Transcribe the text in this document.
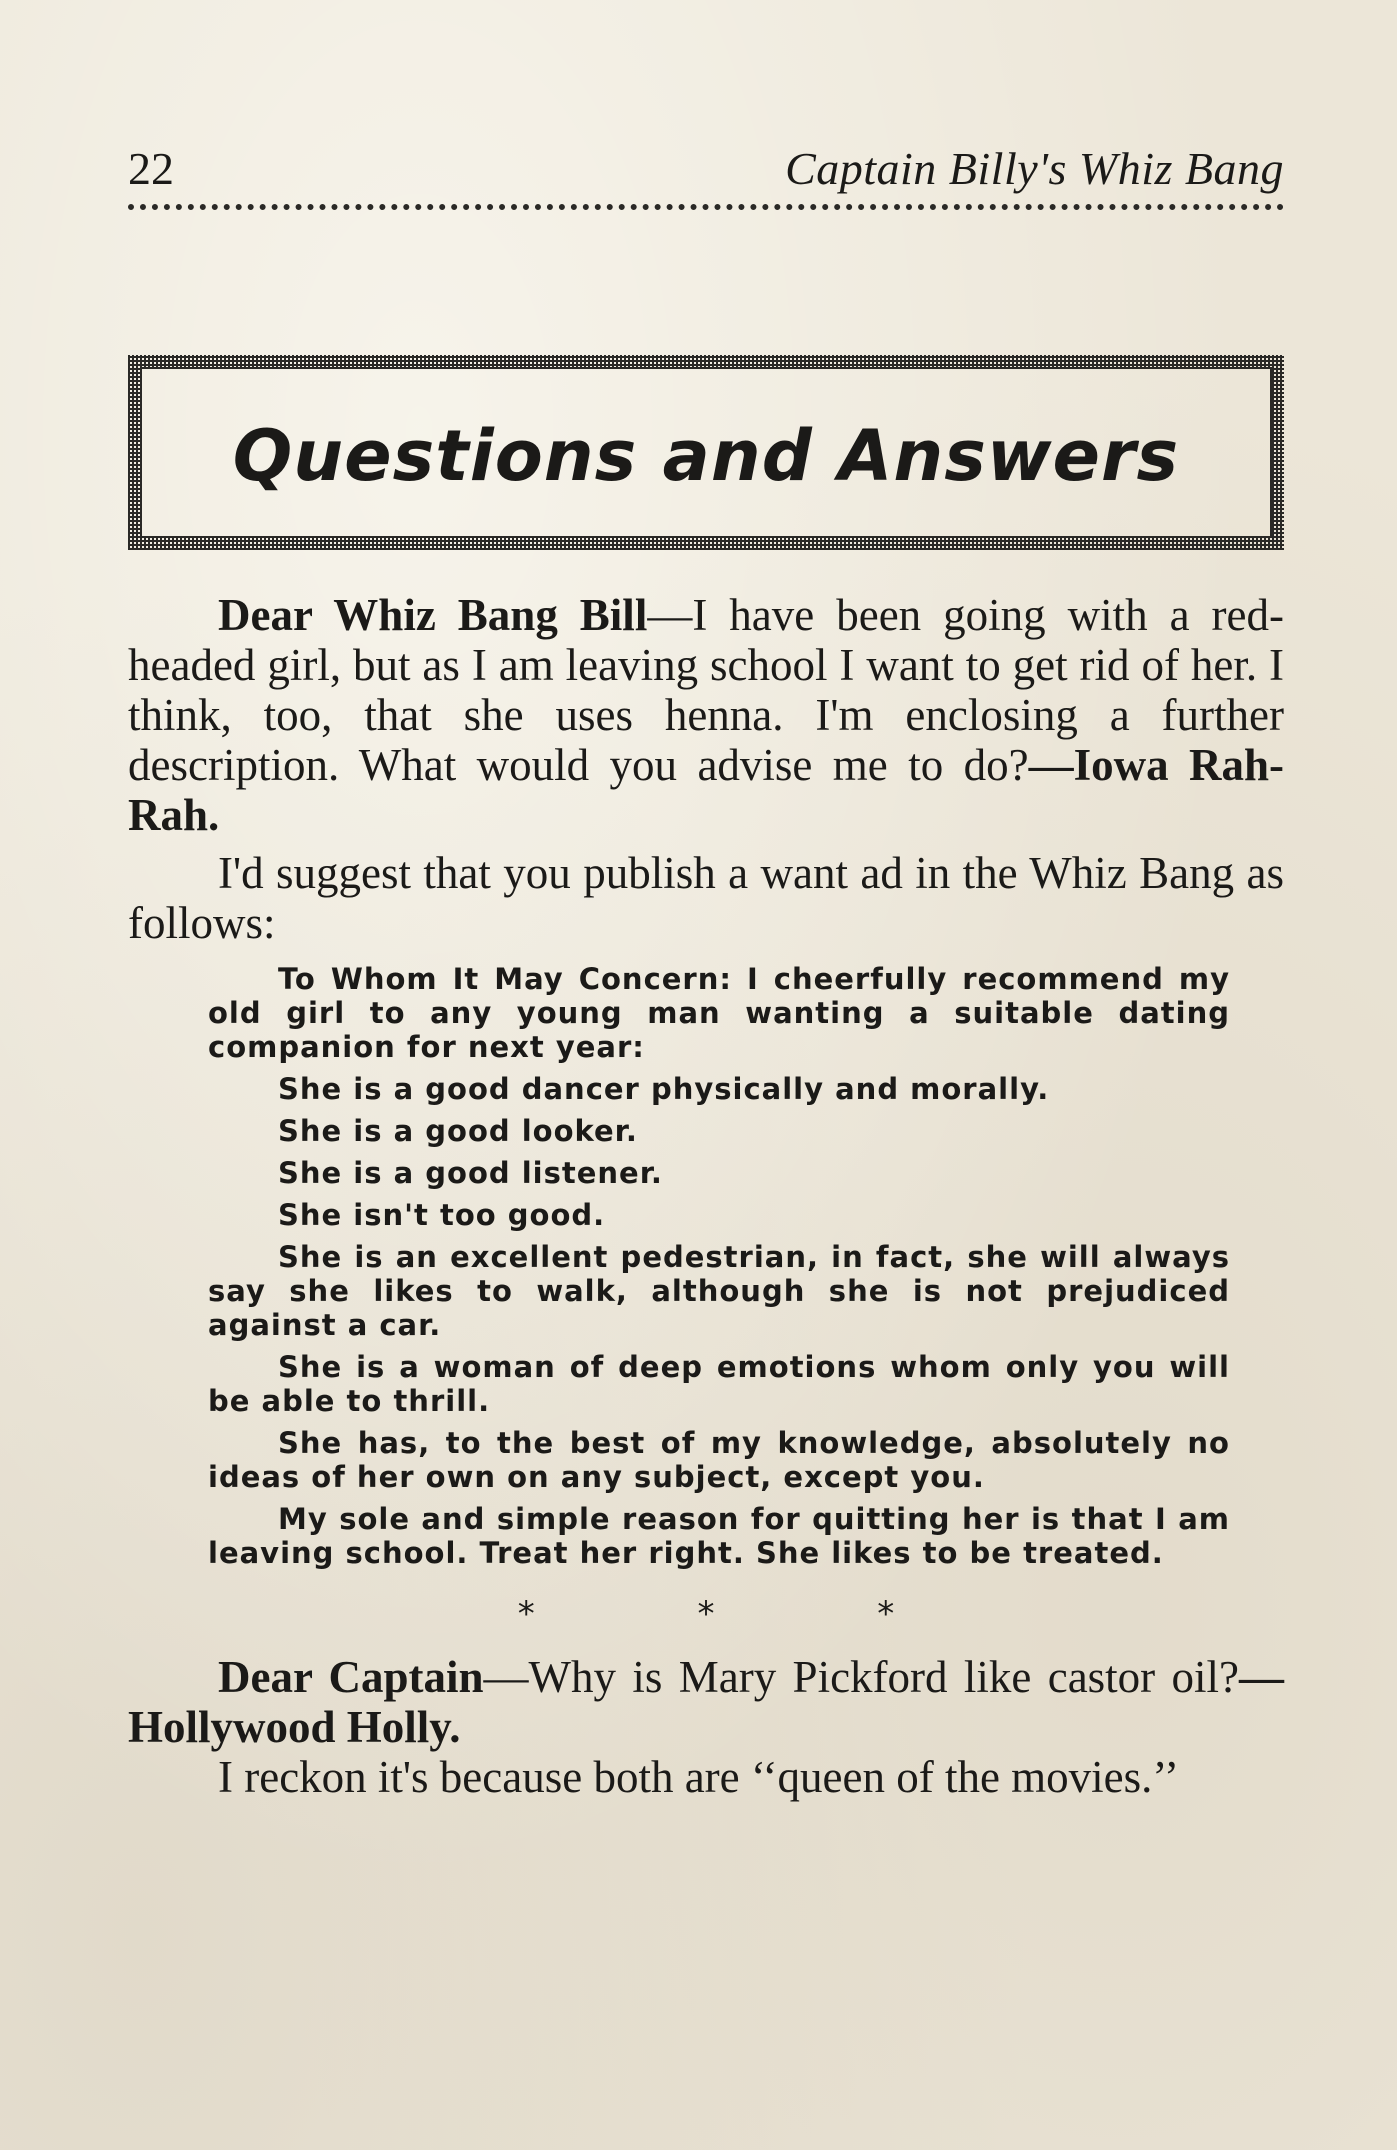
22	Captain Billy's Whiz Bang
Questions and Answers

Dear Whiz Bang Bill—I have been going with a red-headed girl, but as I am leaving school I want to get rid of her. I think, too, that she uses henna. I'm enclosing a further description. What would you advise me to do?—Iowa Rah-Rah.

I'd suggest that you publish a want ad in the Whiz Bang as follows:

To Whom It May Concern: I cheerfully recommend my old girl to any young man wanting a suitable dating companion for next year:

She is a good dancer physically and morally.

She is a good looker.

She is a good listener.

She isn't too good.

She is an excellent pedestrian, in fact, she will always say she likes to walk, although she is not prejudiced against a car.

She is a woman of deep emotions whom only you will be able to thrill.

She has, to the best of my knowledge, absolutely no ideas of her own on any subject, except you.

My sole and simple reason for quitting her is that I am leaving school. Treat her right. She likes to be treated.

* * *

Dear Captain—Why is Mary Pickford like castor oil?—Hollywood Holly.

I reckon it's because both are ‘‘queen of the movies.’’
